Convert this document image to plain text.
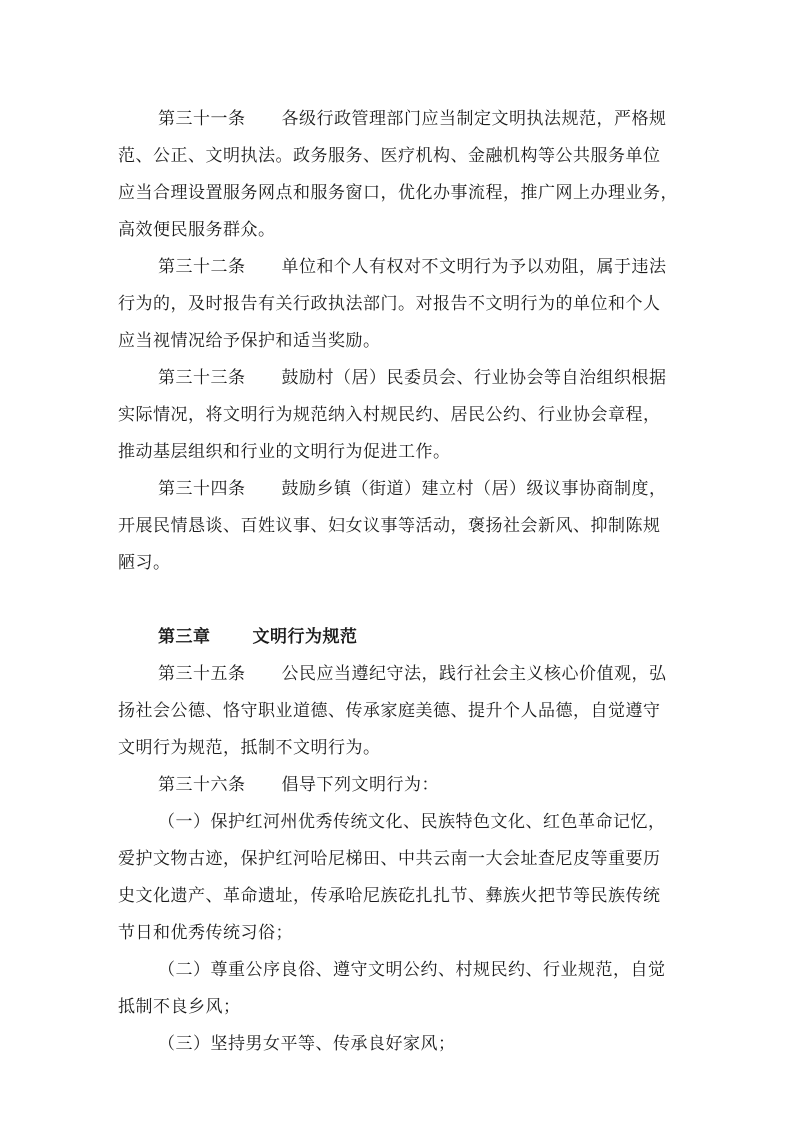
第三十一条 各级行政管理部门应当制定文明执法规范，严格规
范、公正、文明执法。政务服务、医疗机构、金融机构等公共服务单位
应当合理设置服务网点和服务窗口，优化办事流程，推广网上办理业务，
高效便民服务群众。
第三十二条 单位和个人有权对不文明行为予以劝阻，属于违法
行为的，及时报告有关行政执法部门。对报告不文明行为的单位和个人
应当视情况给予保护和适当奖励。
第三十三条 鼓励村（居）民委员会、行业协会等自治组织根据
实际情况，将文明行为规范纳入村规民约、居民公约、行业协会章程，
推动基层组织和行业的文明行为促进工作。
第三十四条 鼓励乡镇（街道）建立村（居）级议事协商制度，
开展民情恳谈、百姓议事、妇女议事等活动，褒扬社会新风、抑制陈规
陋习。
第三章 文明行为规范
第三十五条 公民应当遵纪守法，践行社会主义核心价值观，弘
扬社会公德、恪守职业道德、传承家庭美德、提升个人品德，自觉遵守
文明行为规范，抵制不文明行为。
第三十六条 倡导下列文明行为：
（一）保护红河州优秀传统文化、民族特色文化、红色革命记忆，
爱护文物古迹，保护红河哈尼梯田、中共云南一大会址查尼皮等重要历
史文化遗产、革命遗址，传承哈尼族矻扎扎节、彝族火把节等民族传统
节日和优秀传统习俗；
（二）尊重公序良俗、遵守文明公约、村规民约、行业规范，自觉
抵制不良乡风；
（三）坚持男女平等、传承良好家风；
